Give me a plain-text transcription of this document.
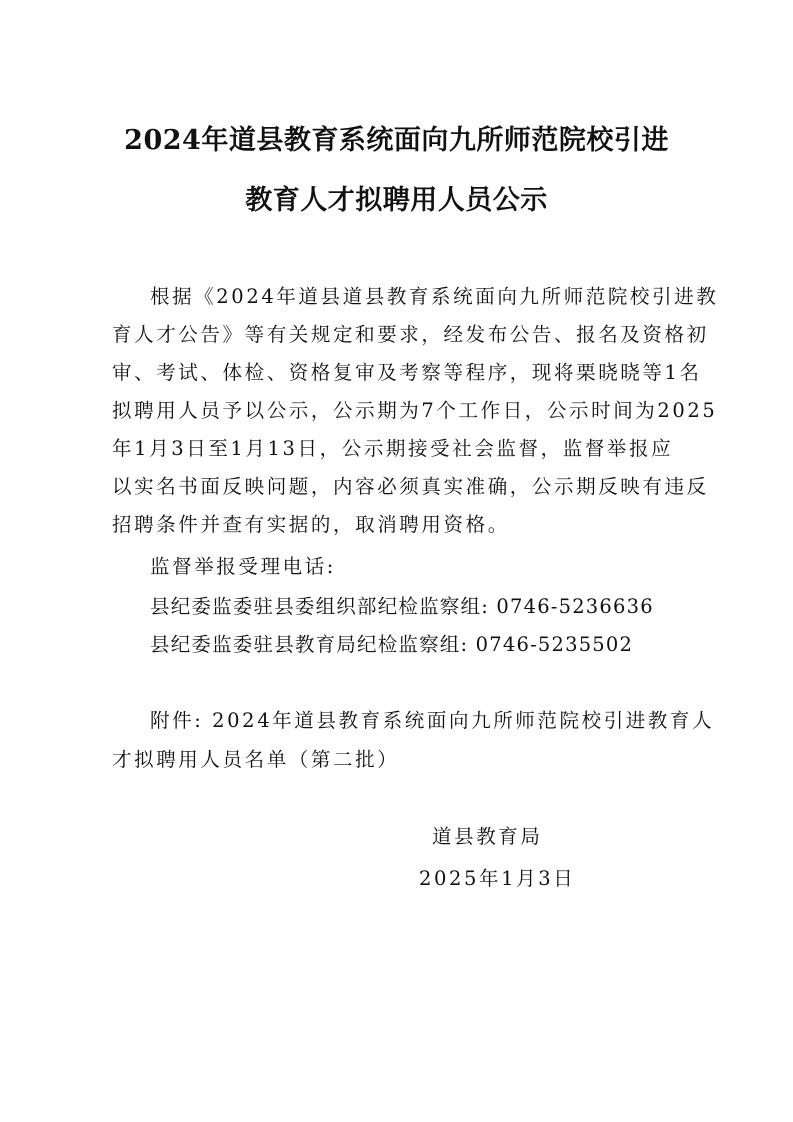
2024年道县教育系统面向九所师范院校引进
教育人才拟聘用人员公示
根据《2024年道县道县教育系统面向九所师范院校引进教
育人才公告》等有关规定和要求，经发布公告、报名及资格初
审、考试、体检、资格复审及考察等程序，现将栗晓晓等1名
拟聘用人员予以公示，公示期为7个工作日，公示时间为2025
年1月3日至1月13日，公示期接受社会监督，监督举报应
以实名书面反映问题，内容必须真实准确，公示期反映有违反
招聘条件并查有实据的，取消聘用资格。
监督举报受理电话:
县纪委监委驻县委组织部纪检监察组: 0746-5236636
县纪委监委驻县教育局纪检监察组: 0746-5235502
附件: 2024年道县教育系统面向九所师范院校引进教育人
才拟聘用人员名单（第二批）
道县教育局
2025年1月3日
